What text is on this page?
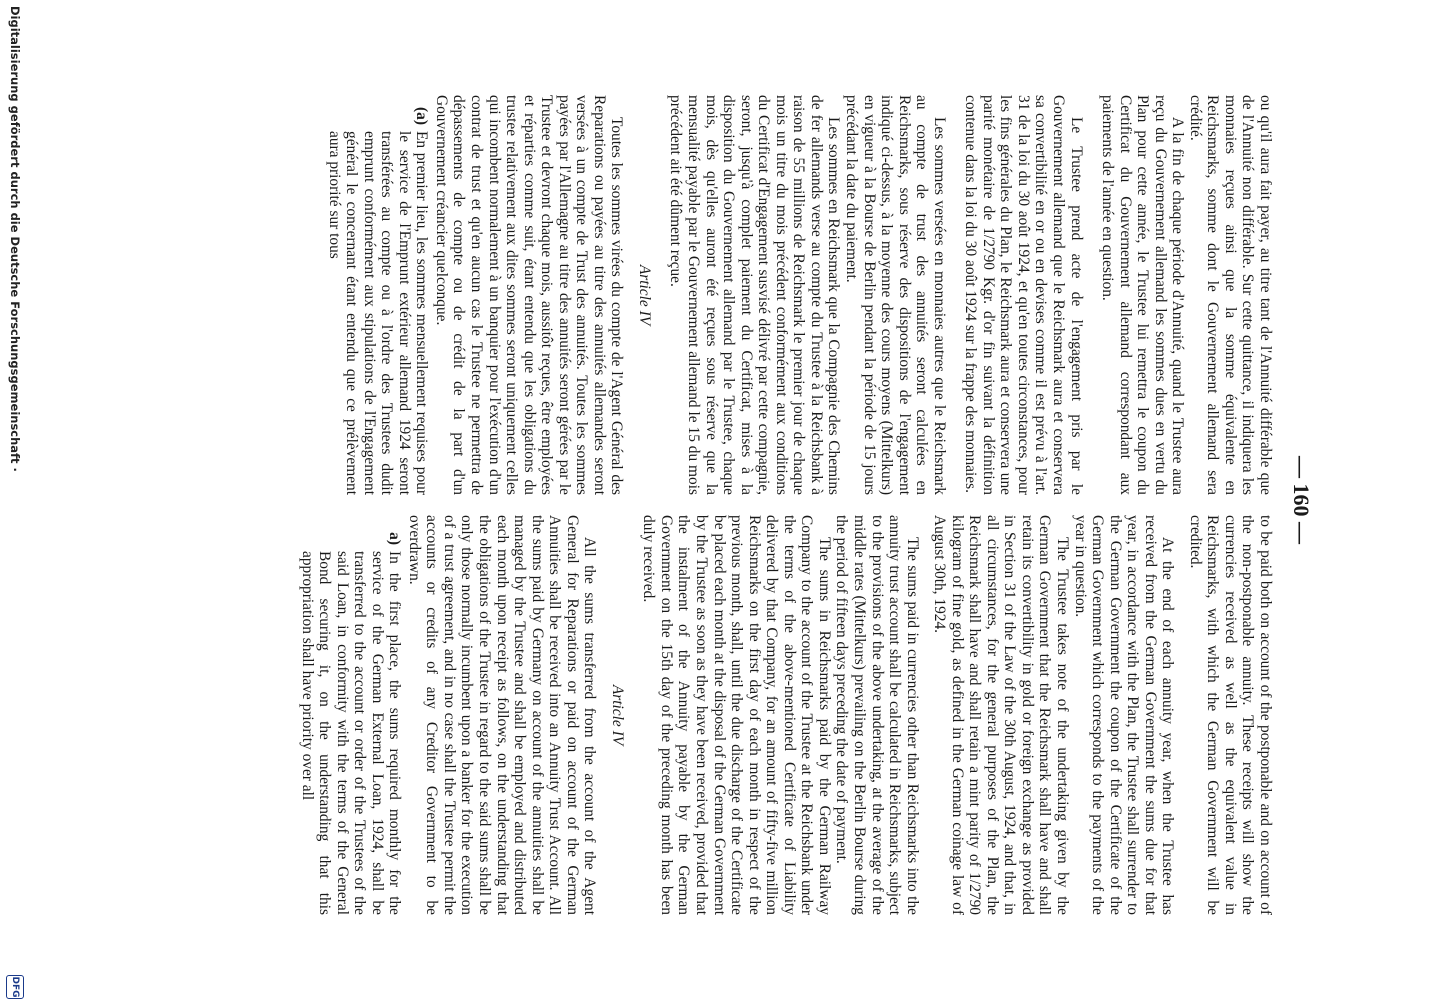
— 160 —

ou qu'il aura fait payer, au titre tant de l'Annuité différable que de l'Annuité non différable. Sur cette quittance, il indiquera les monnaies reçues ainsi que la somme équivalente en Reichsmarks, somme dont le Gouvernement allemand sera crédité.

A la fin de chaque période d'Annuité, quand le Trustee aura reçu du Gouvernement allemand les sommes dues en vertu du Plan pour cette année, le Trustee lui remettra le coupon du Certificat du Gouvernement allemand correspondant aux paiements de l'année en question.

Le Trustee prend acte de l'engagement pris par le Gouvernement allemand que le Reichsmark aura et conservera sa convertibilité en or ou en devises comme il est prévu à l'art. 31 de la loi du 30 août 1924, et qu'en toutes circonstances, pour les fins générales du Plan, le Reichsmark aura et conservera une parité monétaire de 1/2790 Kgr. d'or fin suivant la définition contenue dans la loi du 30 août 1924 sur la frappe des monnaies.

Les sommes versées en monnaies autres que le Reichsmark au compte de trust des annuités seront calculées en Reichsmarks, sous réserve des dispositions de l'engagement indiqué ci-dessus, à la moyenne des cours moyens (Mittelkurs) en vigueur à la Bourse de Berlin pendant la période de 15 jours précédant la date du paiement.

Les sommes en Reichsmark que la Compagnie des Chemins de fer allemands verse au compte du Trustee à la Reichsbank à raison de 55 millions de Reichsmark le premier jour de chaque mois un titre du mois précédent conformément aux conditions du Certificat d'Engagement susvisé délivré par cette compagnie, seront, jusqu'à complet paiement du Certificat, mises à la disposition du Gouvernement allemand par le Trustee, chaque mois, dès qu'elles auront été reçues sous réserve que la mensualité payable par le Gouvernement allemand le 15 du mois précédent ait été dûment reçue.

Article IV

Toutes les sommes virées du compte de l'Agent Général des Reparations ou payées au titre des annuités allemandes seront versées à un compte de Trust des annuités. Toutes les sommes payées par l'Allemagne au titre des annuités seront gérées par le Trustee et devront chaque mois, aussitôt reçues, être employées et réparties comme suit, étant entendu que les obligations du trustee relativement aux dites sommes seront uniquement celles qui incombent normalement à un banquier pour l'exécution d'un contrat de trust et qu'en aucun cas le Trustee ne permettra de dépassements de compte ou de crédit de la part d'un Gouvernement créancier quelconque.

(a)
En premier lieu, les sommes mensuellement requises pour le service de l'Emprunt extérieur allemand 1924 seront transférées au compte ou à l'ordre des Trustees dudit emprunt conformément aux stipulations de l'Engagement général le concernant étant entendu que ce prélèvement aura priorité sur tous

to be paid both on account of the postponable and on account of the non-postponable annuity. These receipts will show the currencies received as well as the equivalent value in Reichsmarks, with which the German Government will be credited.

At the end of each annuity year, when the Trustee has received from the German Government the sums due for that year, in accordance with the Plan, the Trustee shall surrender to the German Government the coupon of the Certificate of the German Government which corresponds to the payments of the year in question.

The Trustee takes note of the undertaking given by the German Government that the Reichsmark shall have and shall retain its convertibility in gold or foreign exchange as provided in Section 31 of the Law of the 30th August, 1924, and that, in all circumstances, for the general purposes of the Plan, the Reichsmark shall have and shall retain a mint parity of 1/2790 kilogram of fine gold, as defined in the German coinage law of August 30th, 1924.

The sums paid in currencies other than Reichsmarks into the annuity trust account shall be calculated in Reichsmarks, subject to the provisions of the above undertaking, at the average of the middle rates (Mittelkurs) prevailing on the Berlin Bourse during the period of fifteen days preceding the date of payment.

The sums in Reichsmarks paid by the German Railway Company to the account of the Trustee at the Reichsbank under the terms of the above-mentioned Certificate of Liability delivered by that Company, for an amount of fifty-five million Reichsmarks on the first day of each month in respect of the previous month, shall, until the due discharge of the Certificate be placed each month at the disposal of the German Government by the Trustee as soon as they have been received, provided that the instalment of the Annuity payable by the German Government on the 15th day of the preceding month has been duly received.

Article IV

All the sums transferred from the account of the Agent General for Reparations or paid on account of the German Annuities shall be received into an Annuity Trust Account. All the sums paid by Germany on account of the annuities shall be managed by the Trustee and shall be employed and distributed each month upon receipt as follows, on the understanding that the obligations of the Trustee in regard to the said sums shall be only those normally incumbent upon a banker for the execution of a trust agreement, and in no case shall the Trustee permit the accounts or credits of any Creditor Government to be overdrawn.

a)
In the first place, the sums required monthly for the service of the German External Loan, 1924, shall be transferred to the account or order of the Trustees of the said Loan, in conformity with the terms of the General Bond securing it, on the understanding that this appropriation shall have priority over all
Digitalisierung gefördert durch die Deutsche Forschungsgemeinschaft ·
DFG
